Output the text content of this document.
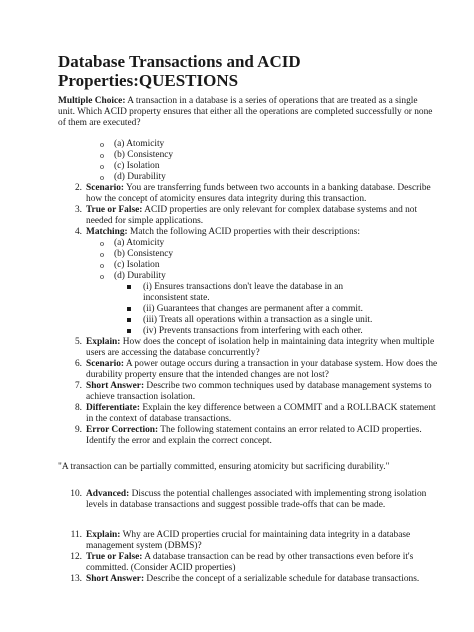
Database Transactions and ACID Properties:QUESTIONS
Multiple Choice: A transaction in a database is a series of operations that are treated as a single unit. Which ACID property ensures that either all the operations are completed successfully or none of them are executed?
o	(a) Atomicity
o	(b) Consistency
o	(c) Isolation
o	(d) Durability
2. Scenario: You are transferring funds between two accounts in a banking database. Describe how the concept of atomicity ensures data integrity during this transaction.
3. True or False: ACID properties are only relevant for complex database systems and not needed for simple applications.
4. Matching: Match the following ACID properties with their descriptions:
o	(a) Atomicity
o	(b) Consistency
o	(c) Isolation
o	(d) Durability
(i) Ensures transactions don't leave the database in an inconsistent state.
(ii) Guarantees that changes are permanent after a commit.
(iii) Treats all operations within a transaction as a single unit.
(iv) Prevents transactions from interfering with each other.
5. Explain: How does the concept of isolation help in maintaining data integrity when multiple users are accessing the database concurrently?
6. Scenario: A power outage occurs during a transaction in your database system. How does the durability property ensure that the intended changes are not lost?
7. Short Answer: Describe two common techniques used by database management systems to achieve transaction isolation.
8. Differentiate: Explain the key difference between a COMMIT and a ROLLBACK statement in the context of database transactions.
9. Error Correction: The following statement contains an error related to ACID properties. Identify the error and explain the correct concept.
"A transaction can be partially committed, ensuring atomicity but sacrificing durability."
10. Advanced: Discuss the potential challenges associated with implementing strong isolation levels in database transactions and suggest possible trade-offs that can be made.
11. Explain: Why are ACID properties crucial for maintaining data integrity in a database management system (DBMS)?
12. True or False: A database transaction can be read by other transactions even before it's committed. (Consider ACID properties)
13. Short Answer: Describe the concept of a serializable schedule for database transactions.
